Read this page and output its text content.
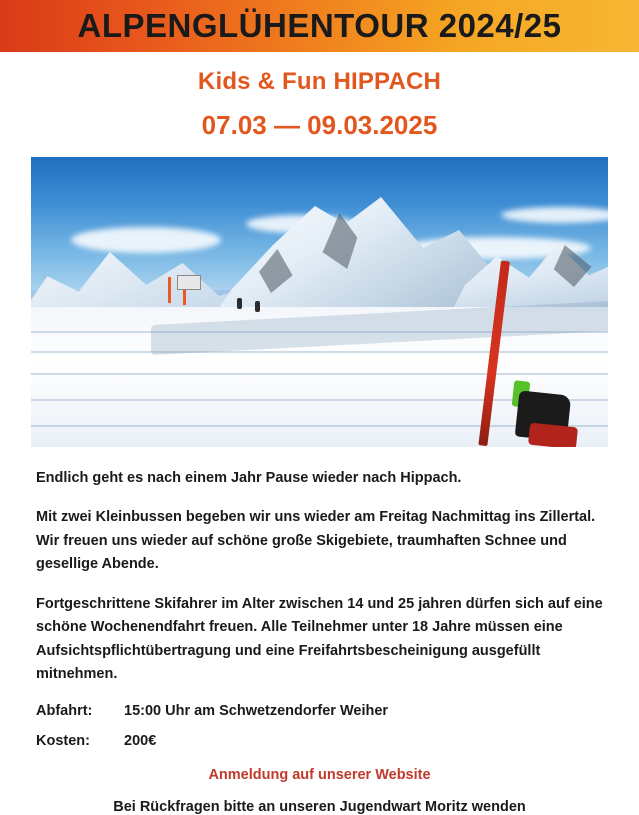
ALPENGLÜHENTOUR 2024/25
Kids & Fun HIPPACH
07.03 — 09.03.2025

Endlich geht es nach einem Jahr Pause wieder nach Hippach.

Mit zwei Kleinbussen begeben wir uns wieder am Freitag Nachmittag ins Zillertal. Wir freuen uns wieder auf schöne große Skigebiete, traumhaften Schnee und gesellige Abende.

Fortgeschrittene Skifahrer im Alter zwischen 14 und 25 jahren dürfen sich auf eine schöne Wochenendfahrt freuen. Alle Teilnehmer unter 18 Jahre müssen eine Aufsichtspflichtübertragung und eine Freifahrtsbescheinigung ausgefüllt mitnehmen.

Abfahrt:	15:00 Uhr am Schwetzendorfer Weiher
Kosten:	200€
Anmeldung auf unserer Website
Bei Rückfragen bitte an unseren Jugendwart Moritz wenden
